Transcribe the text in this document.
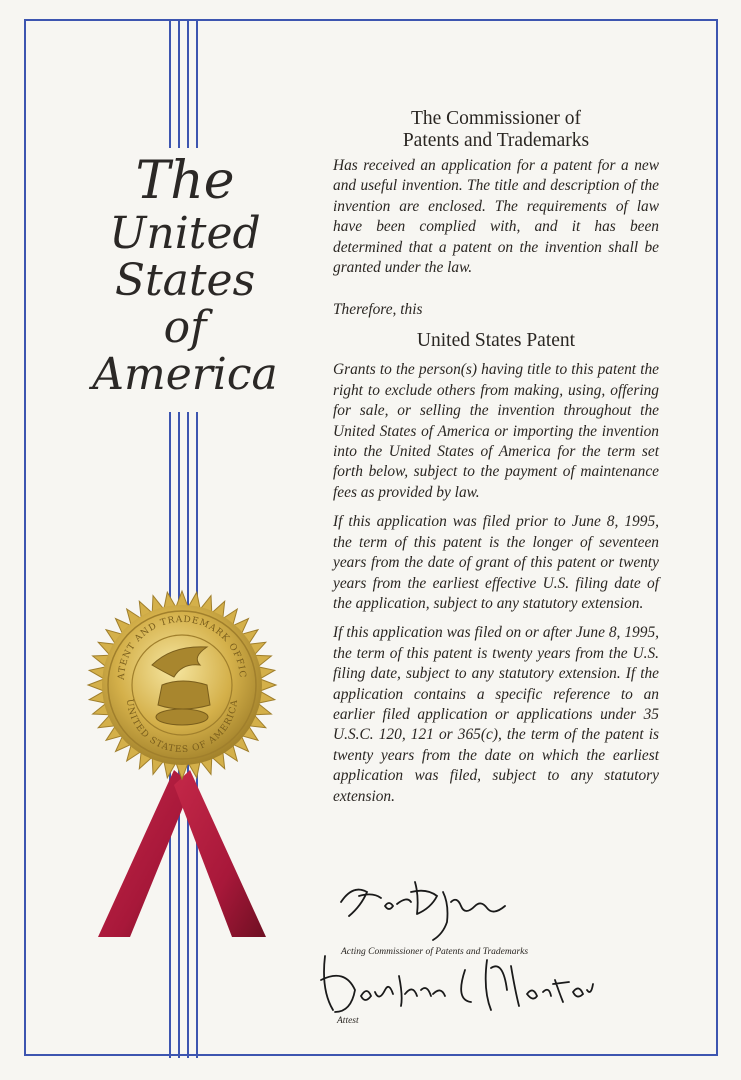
The
United
States
of
America
ATENT AND TRADEMARK OFFIC
UNITED STATES OF AMERICA

The Commissioner of

Patents and Trademarks

Has received an application for a patent for a new and useful invention. The title and description of the invention are enclosed. The requirements of law have been complied with, and it has been determined that a patent on the invention shall be granted under the law.

Therefore, this

United States Patent

Grants to the person(s) having title to this patent the right to exclude others from making, using, offering for sale, or selling the invention throughout the United States of America or importing the invention into the United States of America for the term set forth below, subject to the payment of maintenance fees as provided by law.

If this application was filed prior to June 8, 1995, the term of this patent is the longer of seventeen years from the date of grant of this patent or twenty years from the earliest effective U.S. filing date of the application, subject to any statutory extension.

If this application was filed on or after June 8, 1995, the term of this patent is twenty years from the U.S. filing date, subject to any statutory extension. If the application contains a specific reference to an earlier filed application or applications under 35 U.S.C. 120, 121 or 365(c), the term of the patent is twenty years from the date on which the earliest application was filed, subject to any statutory extension.

Acting Commissioner of Patents and Trademarks
Attest
